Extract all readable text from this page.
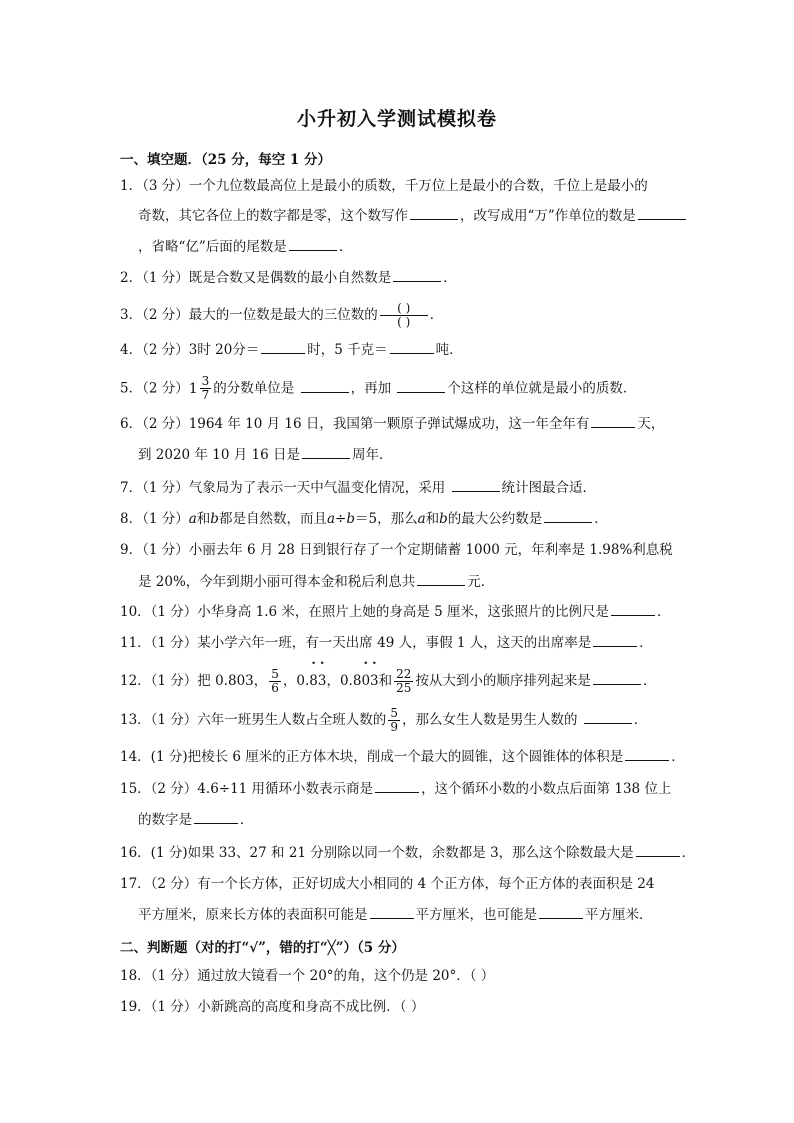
小升初入学测试模拟卷
一、填空题．（25 分，每空 1 分）
1．（3 分）一个九位数最高位上是最小的质数，千万位上是最小的合数，千位上是最小的
奇数，其它各位上的数字都是零，这个数写作	，改写成用“万”作单位的数是
，省略“亿”后面的尾数是	．
2．（1 分）既是合数又是偶数的最小自然数是	．
3．（2 分）最大的一位数是最大的三位数的 $\frac{( )}{( )}$ ．
4．（2 分）3时 20分＝	时，5 千克＝	吨．
5．（2 分） $1 \frac{3}{7}$ 的分数单位是	，再加	个这样的单位就是最小的质数．
6．（2 分）1964 年 10 月 16 日，我国第一颗原子弹试爆成功，这一年全年有	天，
到 2020 年 10 月 16 日是	周年．
7．（1 分）气象局为了表示一天中气温变化情况，采用	统计图最合适．
8．（1 分）a和b都是自然数，而且a÷b＝5，那么a和b的最大公约数是	．
9．（1 分）小丽去年 6 月 28 日到银行存了一个定期储蓄 1000 元，年利率是 1.98%利息税
是 20%，今年到期小丽可得本金和税后利息共	元．
10．（1 分）小华身高 1.6 米，在照片上她的身高是 5 厘米，这张照片的比例尺是	．
11．（1 分）某小学六年一班，有一天出席 49 人，事假 1 人，这天的出席率是	．
12．（1 分）把 0.803， $\frac{5}{6}$ ，0.• 8• 3，0.8• 0• 3和 $\frac{22}{25}$ 按从大到小的顺序排列起来是	．
13．（1 分）六年一班男生人数占全班人数的 $\frac{5}{9}$ ，那么女生人数是男生人数的	．
14．(1 分)把棱长 6 厘米的正方体木块，削成一个最大的圆锥，这个圆锥体的体积是	．
15．（2 分）4.6÷11 用循环小数表示商是	，这个循环小数的小数点后面第 138 位上
的数字是	．
16．(1 分)如果 33、27 和 21 分别除以同一个数，余数都是 3，那么这个除数最大是	．
17．（2 分）有一个长方体，正好切成大小相同的 4 个正方体，每个正方体的表面积是 24
平方厘米，原来长方体的表面积可能是	平方厘米，也可能是	平方厘米．
二、判断题（对的打“√”，错的打“╳”）（5 分）
18．（1 分）通过放大镜看一个 20°的角，这个仍是 20°．（ ）
19．（1 分）小新跳高的高度和身高不成比例．（ ）
